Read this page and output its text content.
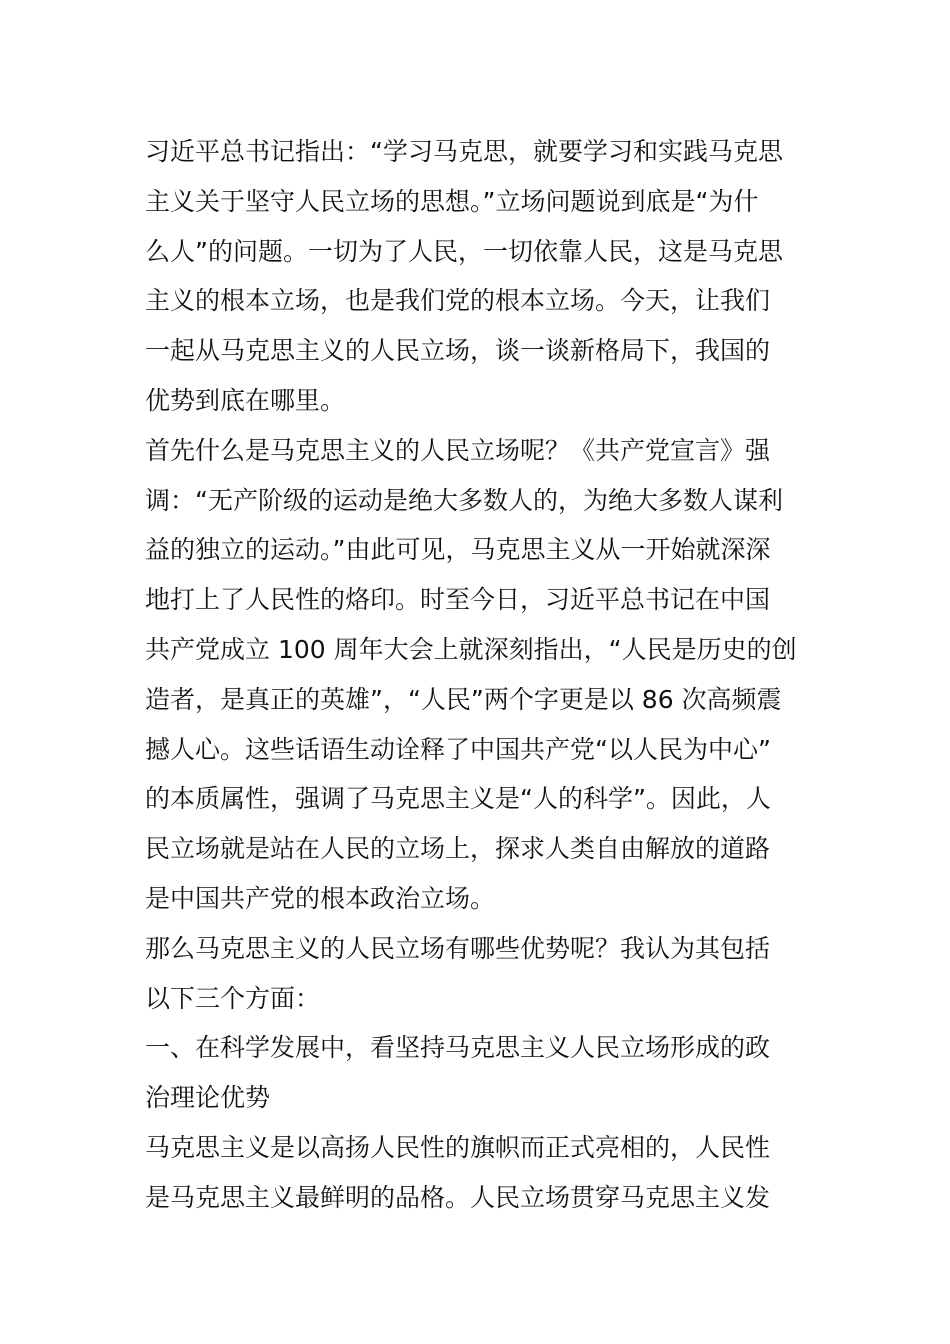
习近平总书记指出：“学习马克思，就要学习和实践马克思
主义关于坚守人民立场的思想。”立场问题说到底是“为什
么人”的问题。一切为了人民，一切依靠人民，这是马克思
主义的根本立场，也是我们党的根本立场。今天，让我们
一起从马克思主义的人民立场，谈一谈新格局下，我国的
优势到底在哪里。
首先什么是马克思主义的人民立场呢？《共产党宣言》强
调：“无产阶级的运动是绝大多数人的，为绝大多数人谋利
益的独立的运动。”由此可见，马克思主义从一开始就深深
地打上了人民性的烙印。时至今日，习近平总书记在中国
共产党成立 100 周年大会上就深刻指出，“人民是历史的创
造者，是真正的英雄”，“人民”两个字更是以 86 次高频震
撼人心。这些话语生动诠释了中国共产党“以人民为中心”
的本质属性，强调了马克思主义是“人的科学”。因此，人
民立场就是站在人民的立场上，探求人类自由解放的道路
是中国共产党的根本政治立场。
那么马克思主义的人民立场有哪些优势呢？我认为其包括
以下三个方面：
一、在科学发展中，看坚持马克思主义人民立场形成的政
治理论优势
马克思主义是以高扬人民性的旗帜而正式亮相的，人民性
是马克思主义最鲜明的品格。人民立场贯穿马克思主义发
